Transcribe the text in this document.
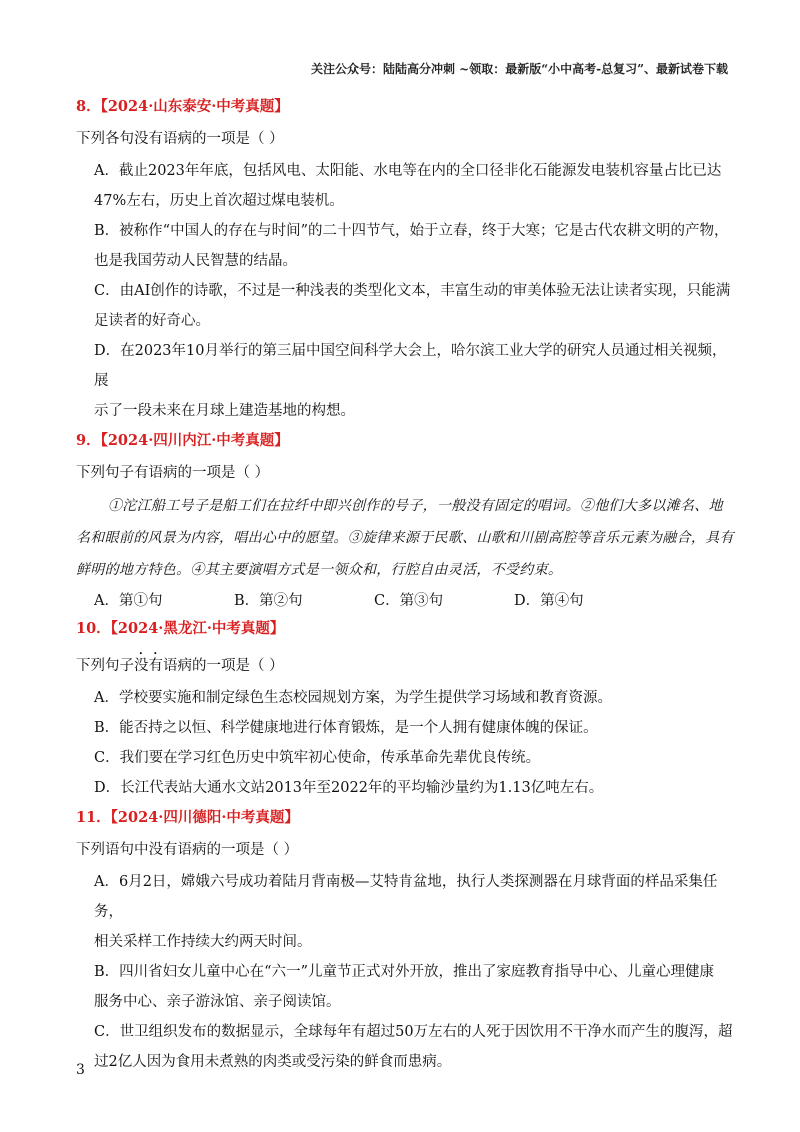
关注公众号：陆陆高分冲刺 ~领取：最新版“小中高考-总复习”、最新试卷下载
8．【2024·山东泰安·中考真题】
下列各句没有语病的一项是（ ）
A．截止2023年年底，包括风电、太阳能、水电等在内的全口径非化石能源发电装机容量占比已达
47%左右，历史上首次超过煤电装机。
B．被称作“中国人的存在与时间”的二十四节气，始于立春，终于大寒；它是古代农耕文明的产物，
也是我国劳动人民智慧的结晶。
C．由AI创作的诗歌，不过是一种浅表的类型化文本，丰富生动的审美体验无法让读者实现，只能满
足读者的好奇心。
D．在2023年10月举行的第三届中国空间科学大会上，哈尔滨工业大学的研究人员通过相关视频，展
示了一段未来在月球上建造基地的构想。
9．【2024·四川内江·中考真题】
下列句子有语病的一项是（ ）
①沱江船工号子是船工们在拉纤中即兴创作的号子，一般没有固定的唱词。②他们大多以滩名、地名和眼前的风景为内容，唱出心中的愿望。③旋律来源于民歌、山歌和川剧高腔等音乐元素为融合，具有鲜明的地方特色。④其主要演唱方式是一领众和，行腔自由灵活，不受约束。
A．第①句	B．第②句	C．第③句	D．第④句
10．【2024·黑龙江·中考真题】
下列句子没有语病的一项是（ ）
A．学校要实施和制定绿色生态校园规划方案，为学生提供学习场域和教育资源。
B．能否持之以恒、科学健康地进行体育锻炼，是一个人拥有健康体魄的保证。
C．我们要在学习红色历史中筑牢初心使命，传承革命先辈优良传统。
D．长江代表站大通水文站2013年至2022年的平均输沙量约为1.13亿吨左右。
11．【2024·四川德阳·中考真题】
下列语句中没有语病的一项是（ ）
A．6月2日，嫦娥六号成功着陆月背南极—艾特肯盆地，执行人类探测器在月球背面的样品采集任务，
相关采样工作持续大约两天时间。
B．四川省妇女儿童中心在“六一”儿童节正式对外开放，推出了家庭教育指导中心、儿童心理健康
服务中心、亲子游泳馆、亲子阅读馆。
C．世卫组织发布的数据显示，全球每年有超过50万左右的人死于因饮用不干净水而产生的腹泻，超
过2亿人因为食用未煮熟的肉类或受污染的鲜食而患病。
3
